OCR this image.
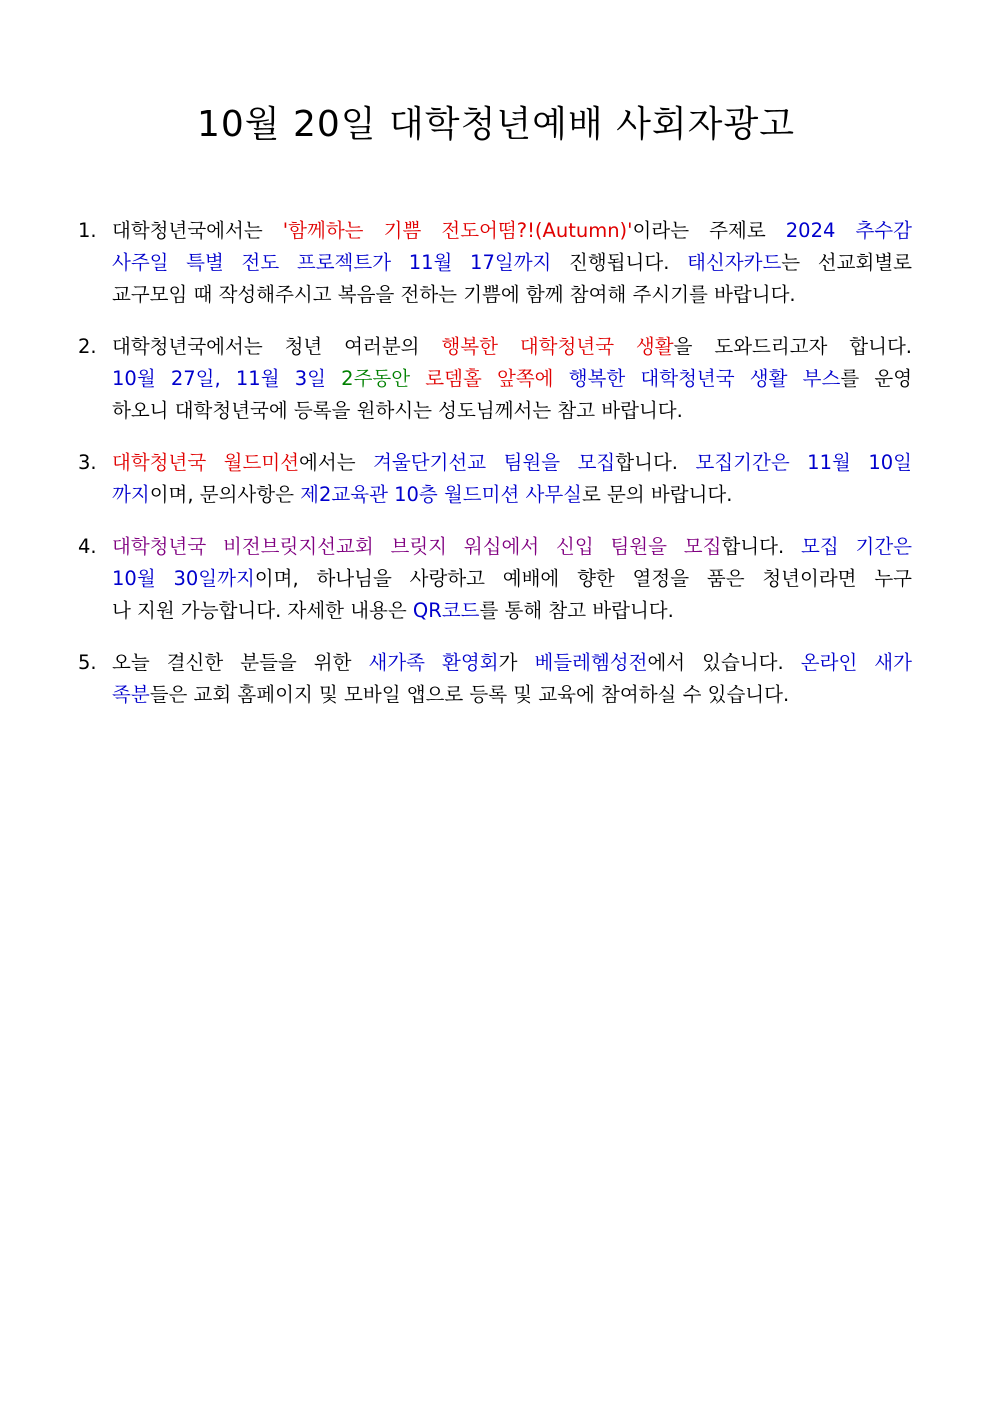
10월 20일 대학청년예배 사회자광고
1. 대학청년국에서는 '함께하는 기쁨 전도어떰?!(Autumn)'이라는 주제로 2024 추수감
사주일 특별 전도 프로젝트가 11월 17일까지 진행됩니다. 태신자카드는 선교회별로
교구모임 때 작성해주시고 복음을 전하는 기쁨에 함께 참여해 주시기를 바랍니다.
2. 대학청년국에서는 청년 여러분의 행복한 대학청년국 생활을 도와드리고자 합니다.
10월 27일, 11월 3일 2주동안 로뎀홀 앞쪽에 행복한 대학청년국 생활 부스를 운영
하오니 대학청년국에 등록을 원하시는 성도님께서는 참고 바랍니다.
3. 대학청년국 월드미션에서는 겨울단기선교 팀원을 모집합니다. 모집기간은 11월 10일
까지이며, 문의사항은 제2교육관 10층 월드미션 사무실로 문의 바랍니다.
4. 대학청년국 비전브릿지선교회 브릿지 워십에서 신입 팀원을 모집합니다. 모집 기간은
10월 30일까지이며, 하나님을 사랑하고 예배에 향한 열정을 품은 청년이라면 누구
나 지원 가능합니다. 자세한 내용은 QR코드를 통해 참고 바랍니다.
5. 오늘 결신한 분들을 위한 새가족 환영회가 베들레헴성전에서 있습니다. 온라인 새가
족분들은 교회 홈페이지 및 모바일 앱으로 등록 및 교육에 참여하실 수 있습니다.
